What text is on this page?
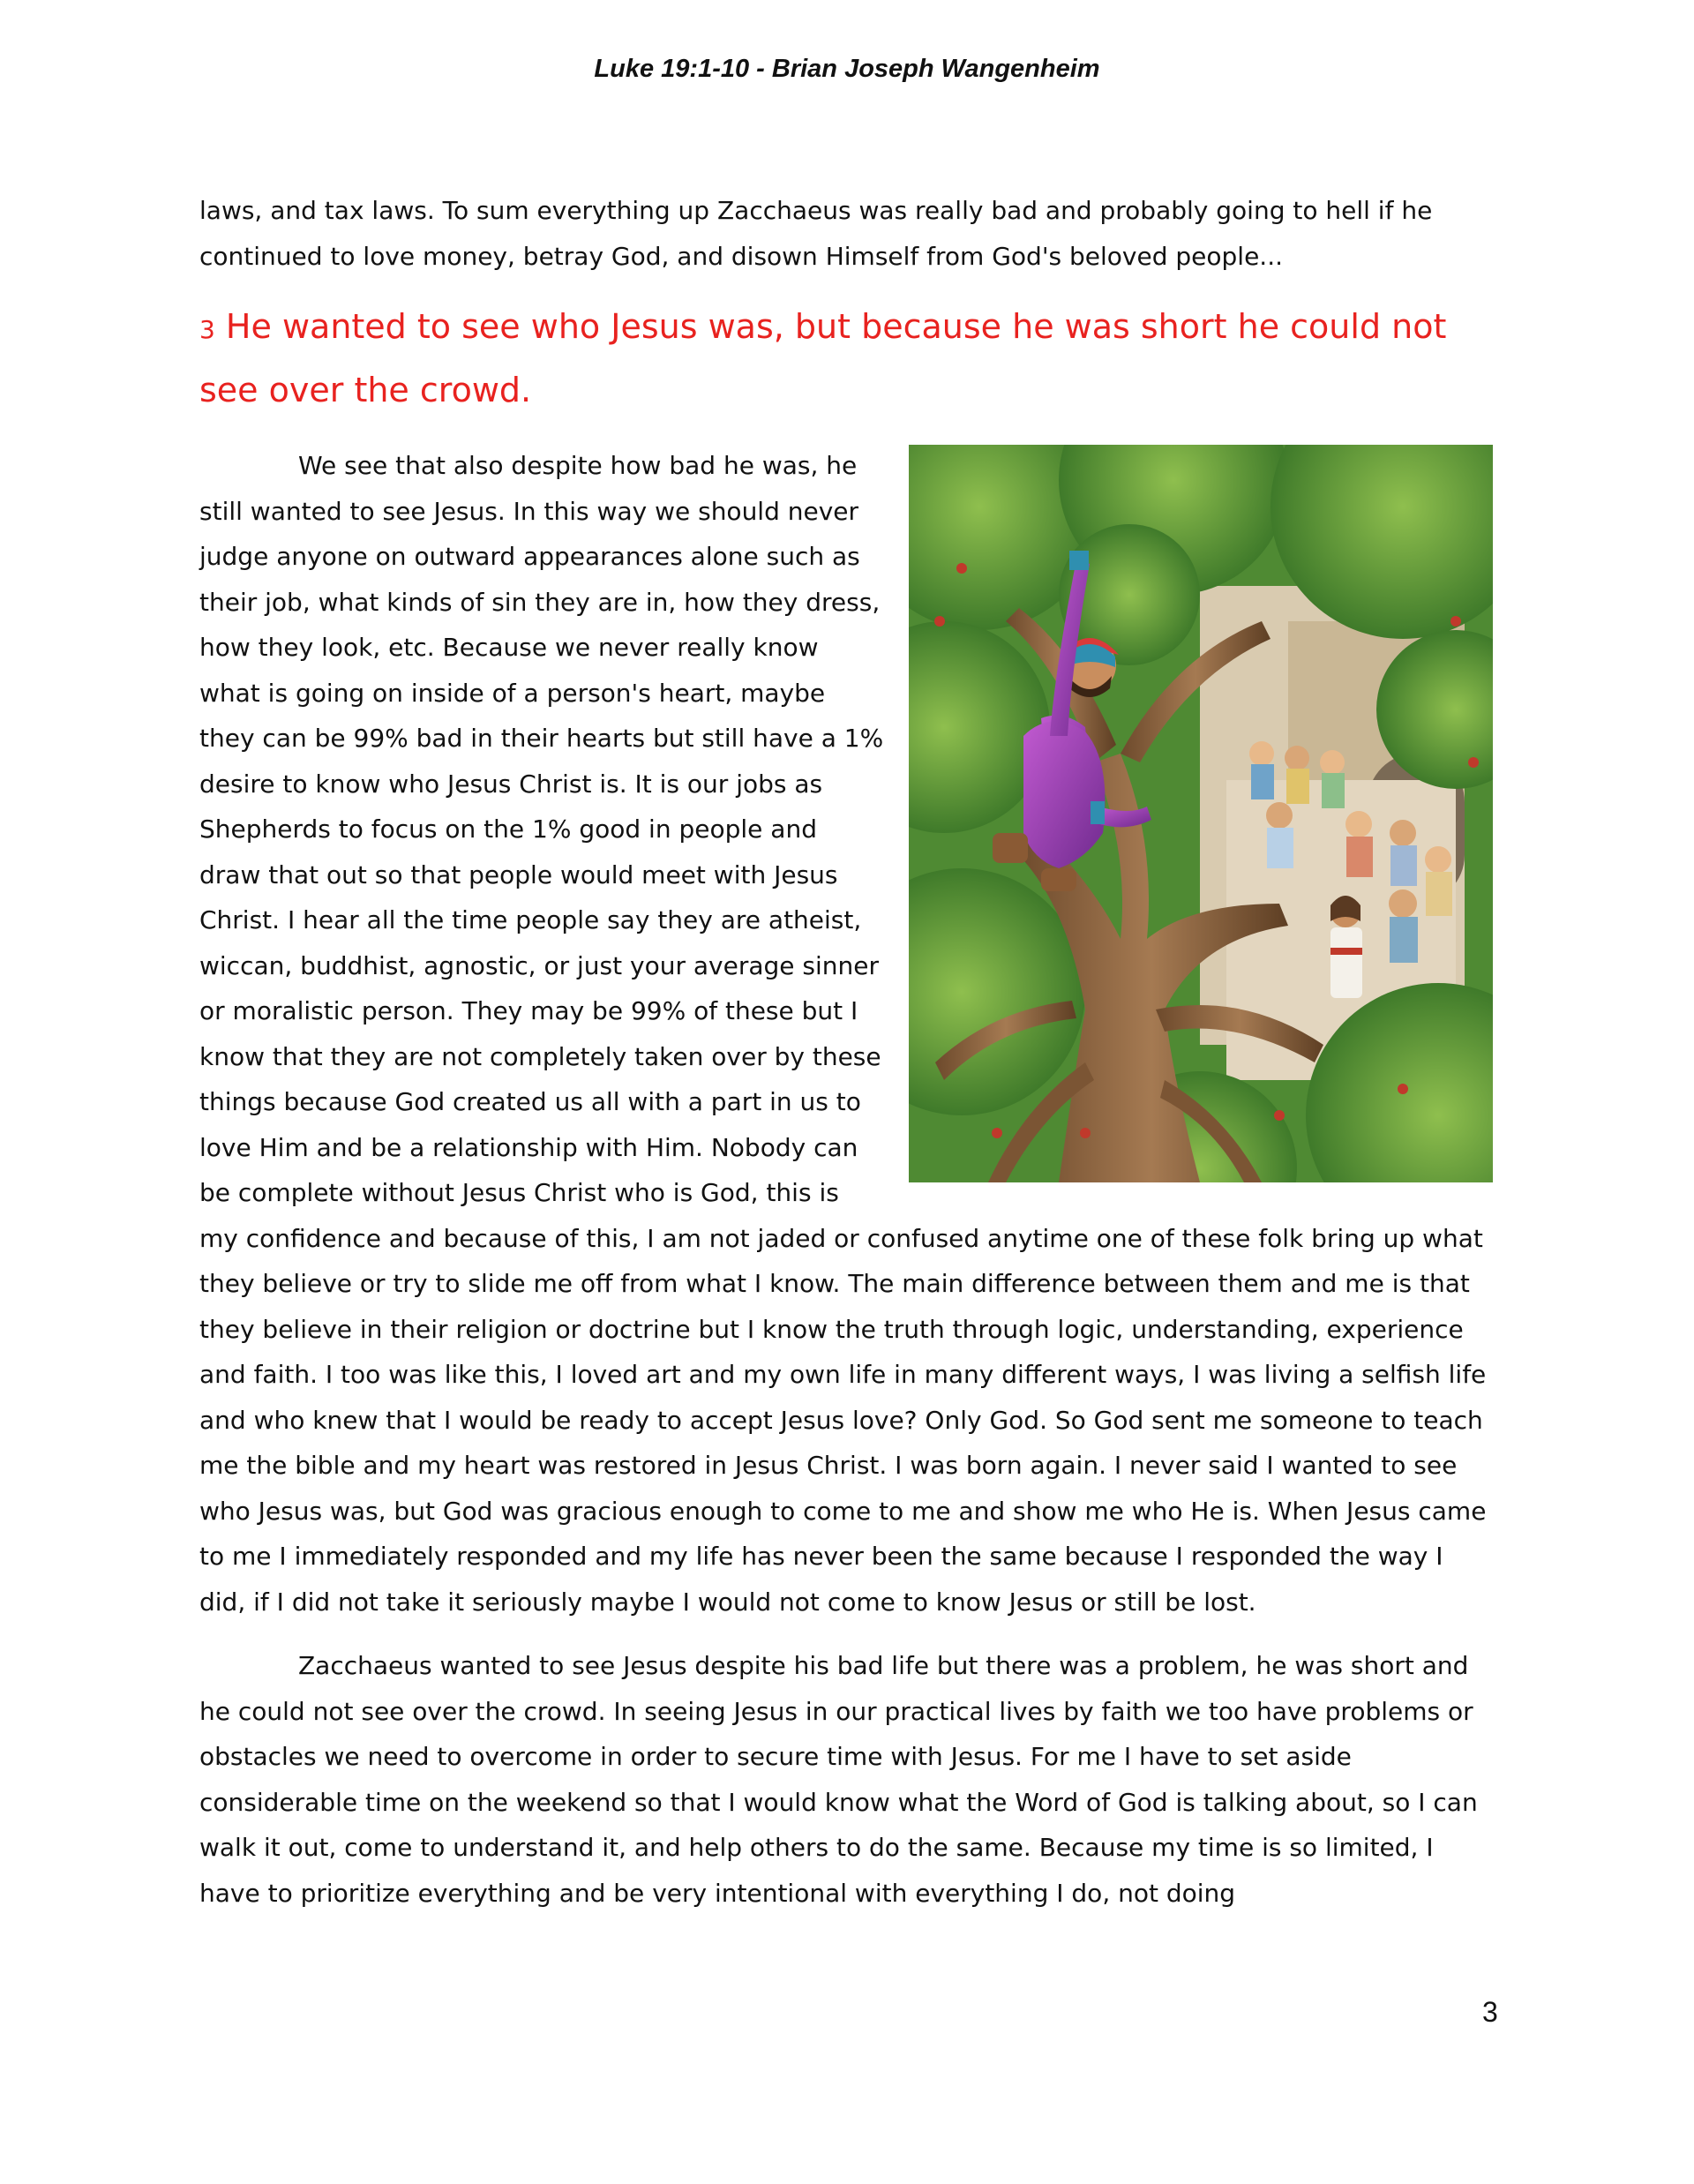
Luke 19:1-10 - Brian Joseph Wangenheim

laws, and tax laws. To sum everything up Zacchaeus was really bad and probably going to hell if he continued to love money, betray God, and disown Himself from God's beloved people...

3 He wanted to see who Jesus was, but because he was short he could not see over the crowd.

We see that also despite how bad he was, he still wanted to see Jesus. In this way we should never judge anyone on outward appearances alone such as their job, what kinds of sin they are in, how they dress, how they look, etc. Because we never really know what is going on inside of a person's heart, maybe they can be 99% bad in their hearts but still have a 1% desire to know who Jesus Christ is. It is our jobs as Shepherds to focus on the 1% good in people and draw that out so that people would meet with Jesus Christ. I hear all the time people say they are atheist, wiccan, buddhist, agnostic, or just your average sinner or moralistic person. They may be 99% of these but I know that they are not completely taken over by these things because God created us all with a part in us to love Him and be a relationship with Him. Nobody can be complete without Jesus Christ who is God, this is my confidence and because of this, I am not jaded or confused anytime one of these folk bring up what they believe or try to slide me off from what I know. The main difference between them and me is that they believe in their religion or doctrine but I know the truth through logic, understanding, experience and faith. I too was like this, I loved art and my own life in many different ways, I was living a selfish life and who knew that I would be ready to accept Jesus love? Only God. So God sent me someone to teach me the bible and my heart was restored in Jesus Christ. I was born again. I never said I wanted to see who Jesus was, but God was gracious enough to come to me and show me who He is. When Jesus came to me I immediately responded and my life has never been the same because I responded the way I did, if I did not take it seriously maybe I would not come to know Jesus or still be lost.

Zacchaeus wanted to see Jesus despite his bad life but there was a problem, he was short and he could not see over the crowd. In seeing Jesus in our practical lives by faith we too have problems or obstacles we need to overcome in order to secure time with Jesus. For me I have to set aside considerable time on the weekend so that I would know what the Word of God is talking about, so I can walk it out, come to understand it, and help others to do the same. Because my time is so limited, I have to prioritize everything and be very intentional with everything I do, not doing

3
